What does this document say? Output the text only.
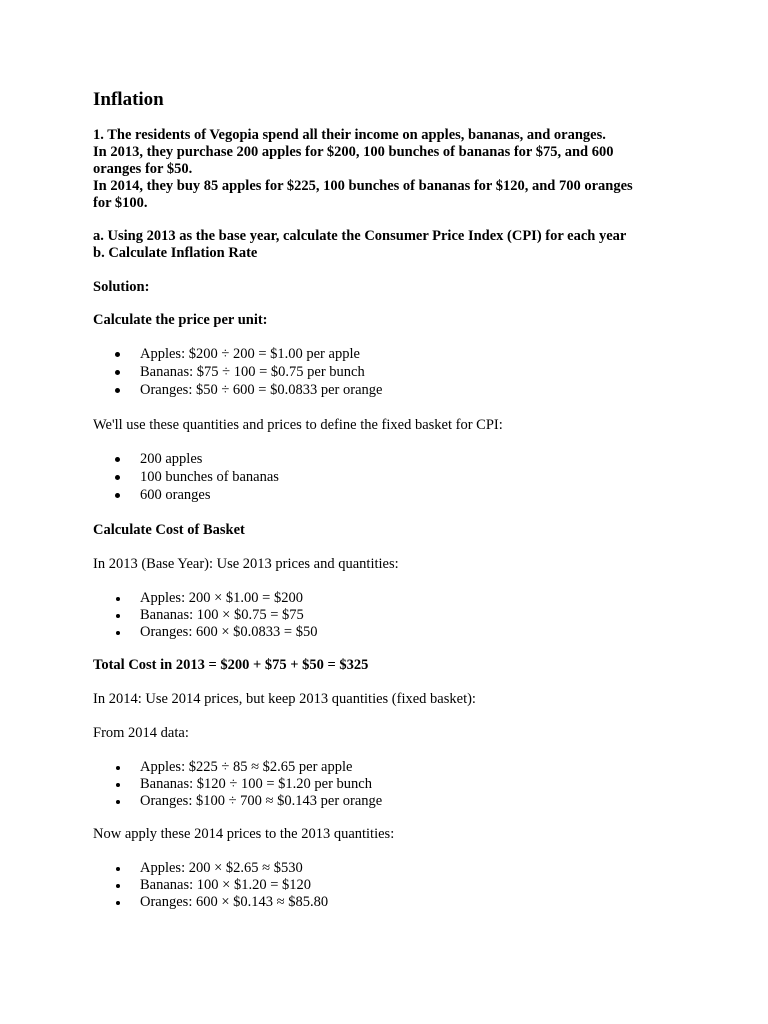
Inflation
1. The residents of Vegopia spend all their income on apples, bananas, and oranges.
In 2013, they purchase 200 apples for $200, 100 bunches of bananas for $75, and 600
oranges for $50.
In 2014, they buy 85 apples for $225, 100 bunches of bananas for $120, and 700 oranges
for $100.
a. Using 2013 as the base year, calculate the Consumer Price Index (CPI) for each year
b. Calculate Inflation Rate

Solution:

Calculate the price per unit:

Apples: $200 ÷ 200 = $1.00 per apple
Bananas: $75 ÷ 100 = $0.75 per bunch
Oranges: $50 ÷ 600 = $0.0833 per orange

We'll use these quantities and prices to define the fixed basket for CPI:

200 apples
100 bunches of bananas
600 oranges

Calculate Cost of Basket

In 2013 (Base Year): Use 2013 prices and quantities:

Apples: 200 × $1.00 = $200
Bananas: 100 × $0.75 = $75
Oranges: 600 × $0.0833 = $50

Total Cost in 2013 = $200 + $75 + $50 = $325

In 2014: Use 2014 prices, but keep 2013 quantities (fixed basket):

From 2014 data:

Apples: $225 ÷ 85 ≈ $2.65 per apple
Bananas: $120 ÷ 100 = $1.20 per bunch
Oranges: $100 ÷ 700 ≈ $0.143 per orange

Now apply these 2014 prices to the 2013 quantities:

Apples: 200 × $2.65 ≈ $530
Bananas: 100 × $1.20 = $120
Oranges: 600 × $0.143 ≈ $85.80
